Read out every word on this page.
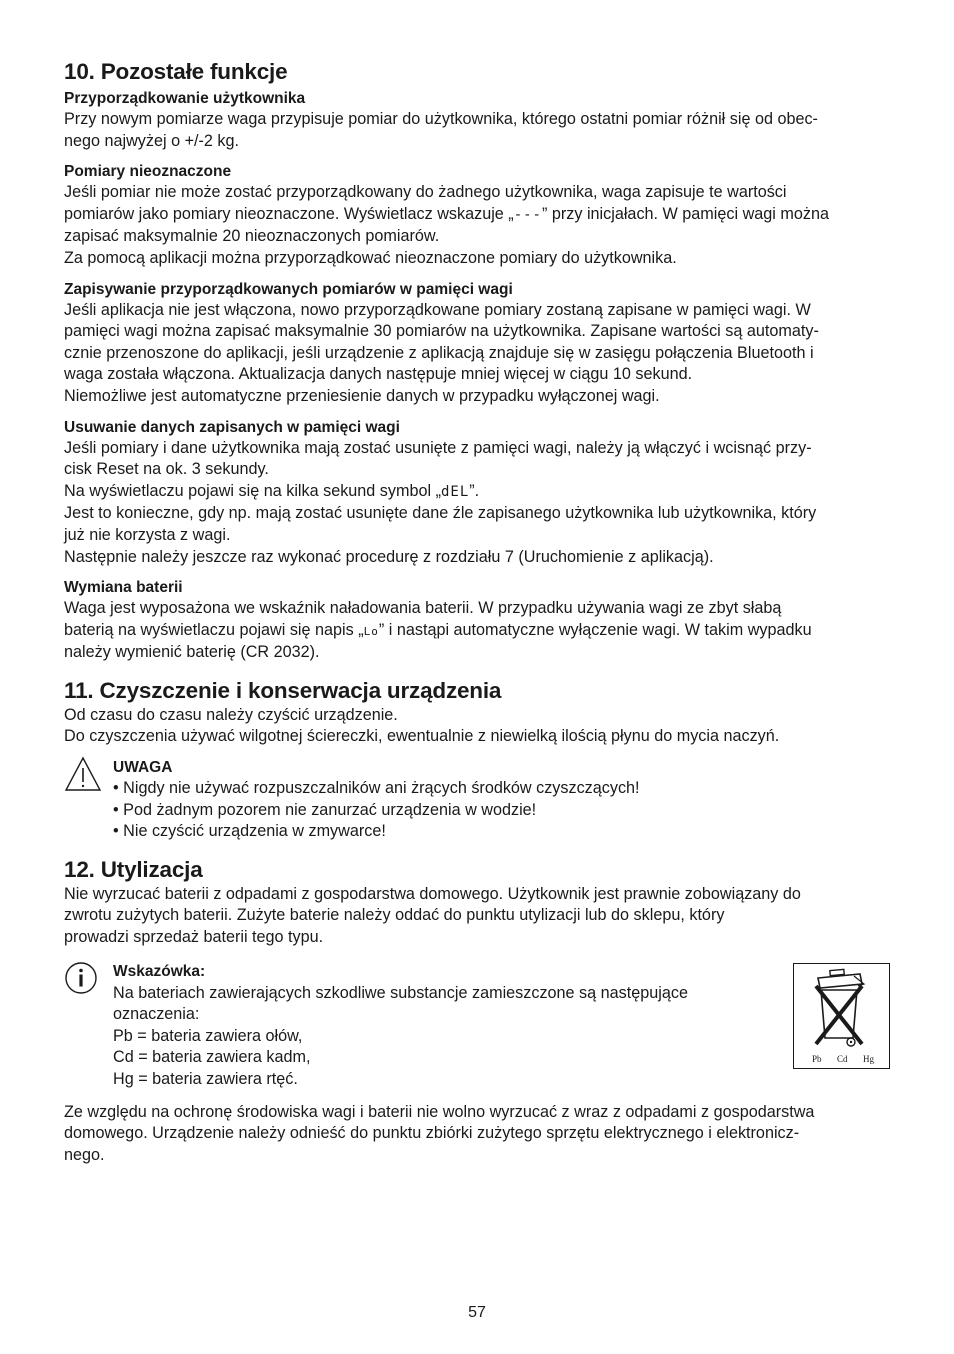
10. Pozostałe funkcje
Przyporządkowanie użytkownika

Przy nowym pomiarze waga przypisuje pomiar do użytkownika, którego ostatni pomiar różnił się od obec-
nego najwyżej o +/-2 kg.

Pomiary nieoznaczone

Jeśli pomiar nie może zostać przyporządkowany do żadnego użytkownika, waga zapisuje te wartości
pomiarów jako pomiary nieoznaczone. Wyświetlacz wskazuje „---” przy inicjałach. W pamięci wagi można
zapisać maksymalnie 20 nieoznaczonych pomiarów.
Za pomocą aplikacji można przyporządkować nieoznaczone pomiary do użytkownika.

Zapisywanie przyporządkowanych pomiarów w pamięci wagi

Jeśli aplikacja nie jest włączona, nowo przyporządkowane pomiary zostaną zapisane w pamięci wagi. W
pamięci wagi można zapisać maksymalnie 30 pomiarów na użytkownika. Zapisane wartości są automaty-
cznie przenoszone do aplikacji, jeśli urządzenie z aplikacją znajduje się w zasięgu połączenia Bluetooth i
waga została włączona. Aktualizacja danych następuje mniej więcej w ciągu 10 sekund.
Niemożliwe jest automatyczne przeniesienie danych w przypadku wyłączonej wagi.

Usuwanie danych zapisanych w pamięci wagi

Jeśli pomiary i dane użytkownika mają zostać usunięte z pamięci wagi, należy ją włączyć i wcisnąć przy-
cisk Reset na ok. 3 sekundy.
Na wyświetlaczu pojawi się na kilka sekund symbol „dEL”.
Jest to konieczne, gdy np. mają zostać usunięte dane źle zapisanego użytkownika lub użytkownika, który
już nie korzysta z wagi.
Następnie należy jeszcze raz wykonać procedurę z rozdziału 7 (Uruchomienie z aplikacją).

Wymiana baterii

Waga jest wyposażona we wskaźnik naładowania baterii. W przypadku używania wagi ze zbyt słabą
baterią na wyświetlaczu pojawi się napis „Lo” i nastąpi automatyczne wyłączenie wagi. W takim wypadku
należy wymienić baterię (CR 2032).

11. Czyszczenie i konserwacja urządzenia

Od czasu do czasu należy czyścić urządzenie.
Do czyszczenia używać wilgotnej ściereczki, ewentualnie z niewielką ilością płynu do mycia naczyń.

UWAGA
• Nigdy nie używać rozpuszczalników ani żrących środków czyszczących!
• Pod żadnym pozorem nie zanurzać urządzenia w wodzie!
• Nie czyścić urządzenia w zmywarce!
12. Utylizacja

Nie wyrzucać baterii z odpadami z gospodarstwa domowego. Użytkownik jest prawnie zobowiązany do
zwrotu zużytych baterii. Zużyte baterie należy oddać do punktu utylizacji lub do sklepu, który
prowadzi sprzedaż baterii tego typu.

Wskazówka:

Na bateriach zawierających szkodliwe substancje zamieszczone są następujące
oznaczenia:
Pb = bateria zawiera ołów,
Cd = bateria zawiera kadm,
Hg = bateria zawiera rtęć.

Pb Cd Hg

Ze względu na ochronę środowiska wagi i baterii nie wolno wyrzucać z wraz z odpadami z gospodarstwa
domowego. Urządzenie należy odnieść do punktu zbiórki zużytego sprzętu elektrycznego i elektronicz-
nego.

57
